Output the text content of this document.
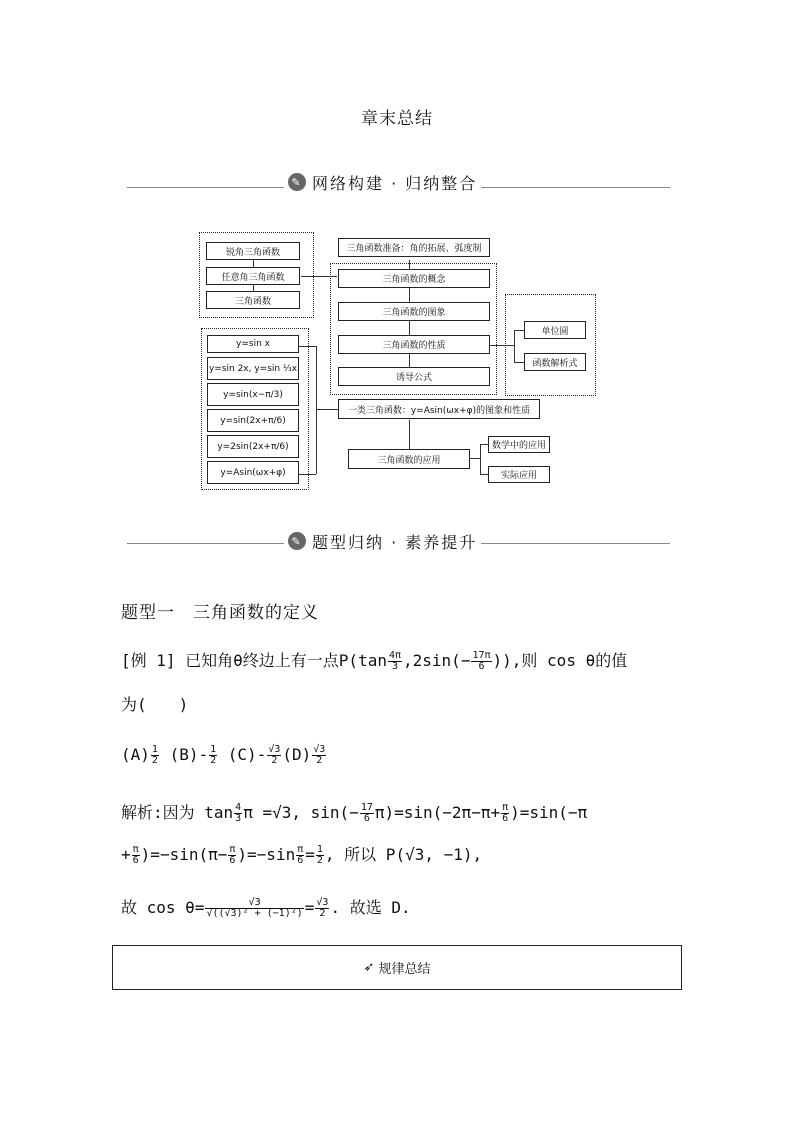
章末总结
✎ 网络构建 · 归纳整合
锐角三角函数
任意角三角函数
三角函数
y=sin x
y=sin 2x, y=sin ⅓x
y=sin(x−π/3)
y=sin(2x+π/6)
y=2sin(2x+π/6)
y=Asin(ωx+φ)
三角函数准备：角的拓展、弧度制
三角函数的概念
三角函数的图象
三角函数的性质
诱导公式
单位圆
函数解析式
一类三角函数：y=Asin(ωx+φ)的图象和性质
三角函数的应用
数学中的应用
实际应用
✎ 题型归纳 · 素养提升
题型一　三角函数的定义
[例 1] 已知角θ终边上有一点$P(\tan \frac{4\pi}{3} ,2\sin(- \frac{17\pi}{6}$ )),则 cos θ的值
为(　　)
$(A) \frac{1}{2} (B)- \frac{1}{2} (C)- \frac{√3}{2} (D) \frac{√3}{2}$
解析:因为 $\tan \frac{4}{3}$ π =√3, $\sin(- \frac{17}{6} \pi)=\sin(-2\pi-\pi+ \frac{\pi}{6} )=\sin(-\pi$
+ $\frac{\pi}{6} )=-\sin(\pi- \frac{\pi}{6} )=-\sin \frac{\pi}{6} = \frac{1}{2}$ , 所以 P(√3, −1),
故 $\cos \theta= \frac{√3}{\text{√((√3)² + (−1)²)}} = \frac{√3}{2}$ . 故选 D.
➶ 规律总结
